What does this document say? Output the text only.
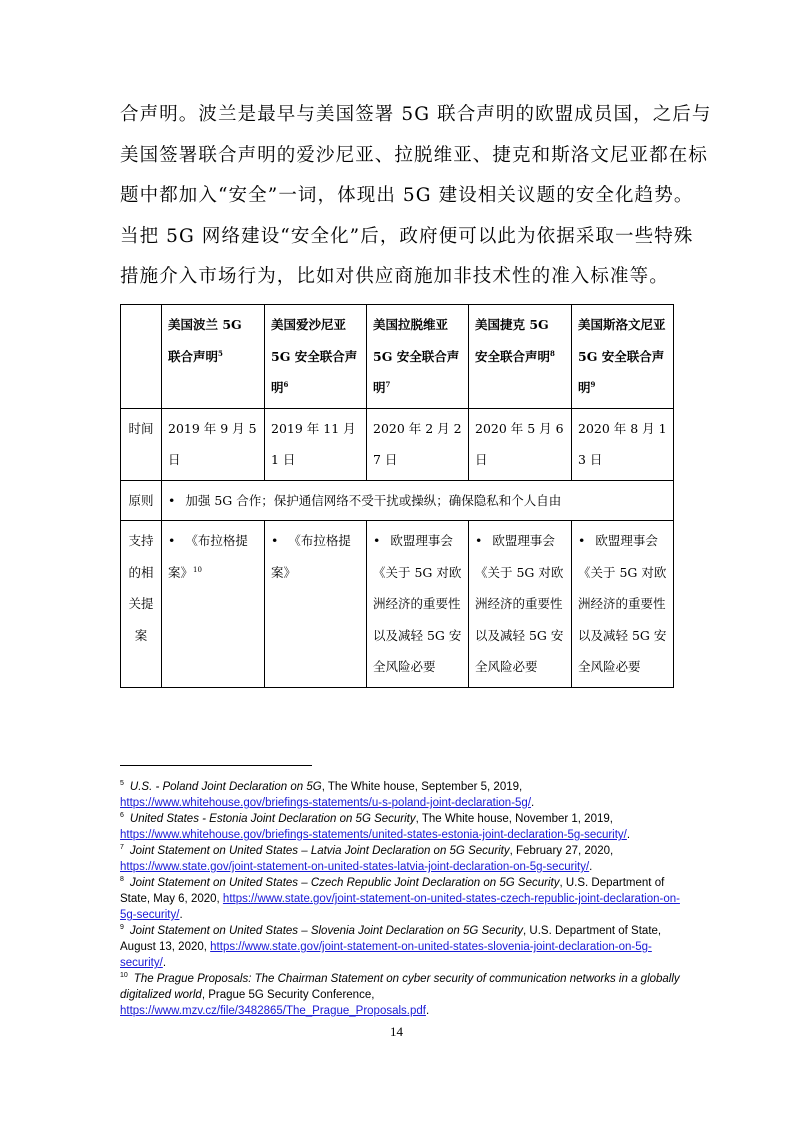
合声明。波兰是最早与美国签署 5G 联合声明的欧盟成员国，之后与

美国签署联合声明的爱沙尼亚、拉脱维亚、捷克和斯洛文尼亚都在标

题中都加入“安全”一词，体现出 5G 建设相关议题的安全化趋势。

当把 5G 网络建设“安全化”后，政府便可以此为依据采取一些特殊

措施介入市场行为，比如对供应商施加非技术性的准入标准等。

	美国波兰 5G 联合声明$^5$	美国爱沙尼亚 5G 安全联合声明$^6$	美国拉脱维亚 5G 安全联合声明$^7$	美国捷克 5G 安全联合声明$^8$	美国斯洛文尼亚 5G 安全联合声明$^9$
时间	2019 年 9 月 5 日	2019 年 11 月 1 日	2020 年 2 月 27 日	2020 年 5 月 6 日	2020 年 8 月 13 日
原则	• 加强 5G 合作；保护通信网络不受干扰或操纵；确保隐私和个人自由				
支持的相关提案	• 《布拉格提案》$^{10}$	• 《布拉格提案》	• 欧盟理事会《关于 5G 对欧洲经济的重要性以及减轻 5G 安全风险必要	• 欧盟理事会《关于 5G 对欧洲经济的重要性以及减轻 5G 安全风险必要	• 欧盟理事会《关于 5G 对欧洲经济的重要性以及减轻 5G 安全风险必要

$^5$ U.S. - Poland Joint Declaration on 5G, The White house, September 5, 2019,
https://www.whitehouse.gov/briefings-statements/u-s-poland-joint-declaration-5g/.

$^6$ United States - Estonia Joint Declaration on 5G Security, The White house, November 1, 2019,
https://www.whitehouse.gov/briefings-statements/united-states-estonia-joint-declaration-5g-security/.

$^7$ Joint Statement on United States – Latvia Joint Declaration on 5G Security, February 27, 2020,
https://www.state.gov/joint-statement-on-united-states-latvia-joint-declaration-on-5g-security/.

$^8$ Joint Statement on United States – Czech Republic Joint Declaration on 5G Security, U.S. Department of State, May 6, 2020, https://www.state.gov/joint-statement-on-united-states-czech-republic-joint-declaration-on-5g-security/.

$^9$ Joint Statement on United States – Slovenia Joint Declaration on 5G Security, U.S. Department of State, August 13, 2020, https://www.state.gov/joint-statement-on-united-states-slovenia-joint-declaration-on-5g-security/.

$^{10}$ The Prague Proposals: The Chairman Statement on cyber security of communication networks in a globally digitalized world, Prague 5G Security Conference,
https://www.mzv.cz/file/3482865/The_Prague_Proposals.pdf.

14
